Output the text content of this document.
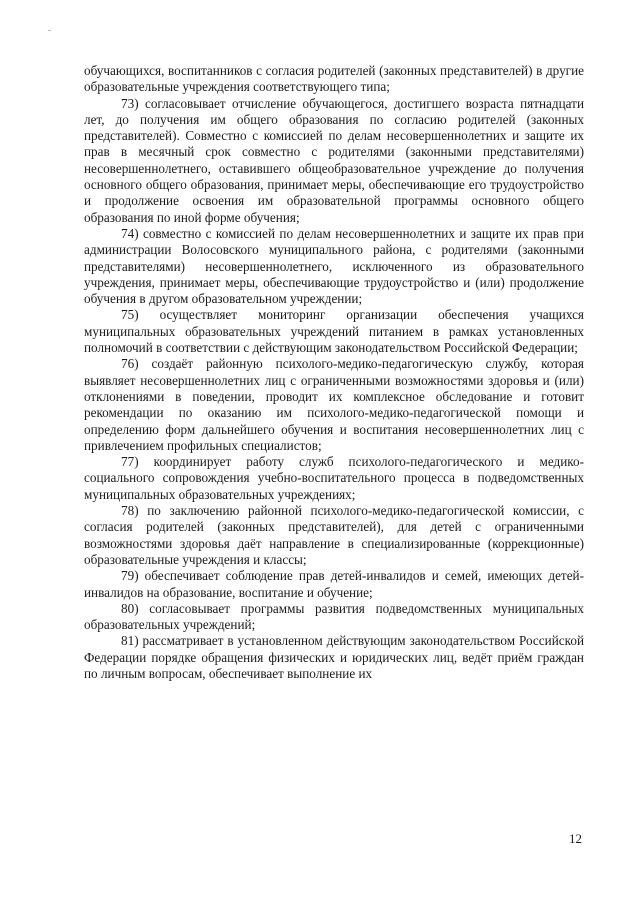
обучающихся, воспитанников с согласия родителей (законных представителей) в другие образовательные учреждения соответствующего типа;

73) согласовывает отчисление обучающегося, достигшего возраста пятнадцати лет, до получения им общего образования по согласию родителей (законных представителей). Совместно с комиссией по делам несовершеннолетних и защите их прав в месячный срок совместно с родителями (законными представителями) несовершеннолетнего, оставившего общеобразовательное учреждение до получения основного общего образования, принимает меры, обеспечивающие его трудоустройство и продолжение освоения им образовательной программы основного общего образования по иной форме обучения;

74) совместно с комиссией по делам несовершеннолетних и защите их прав при администрации Волосовского муниципального района, с родителями (законными представителями) несовершеннолетнего, исключенного из образовательного учреждения, принимает меры, обеспечивающие трудоустройство и (или) продолжение обучения в другом образовательном учреждении;

75) осуществляет мониторинг организации обеспечения учащихся муниципальных образовательных учреждений питанием в рамках установленных полномочий в соответствии с действующим законодательством Российской Федерации;

76) создаёт районную психолого-медико-педагогическую службу, которая выявляет несовершеннолетних лиц с ограниченными возможностями здоровья и (или) отклонениями в поведении, проводит их комплексное обследование и готовит рекомендации по оказанию им психолого-медико-педагогической помощи и определению форм дальнейшего обучения и воспитания несовершеннолетних лиц с привлечением профильных специалистов;

77) координирует работу служб психолого-педагогического и медико-социального сопровождения учебно-воспитательного процесса в подведомственных муниципальных образовательных учреждениях;

78) по заключению районной психолого-медико-педагогической комиссии, с согласия родителей (законных представителей), для детей с ограниченными возможностями здоровья даёт направление в специализированные (коррекционные) образовательные учреждения и классы;

79) обеспечивает соблюдение прав детей-инвалидов и семей, имеющих детей-инвалидов на образование, воспитание и обучение;

80) согласовывает программы развития подведомственных муниципальных образовательных учреждений;

81) рассматривает в установленном действующим законодательством Российской Федерации порядке обращения физических и юридических лиц, ведёт приём граждан по личным вопросам, обеспечивает выполнение их

12
